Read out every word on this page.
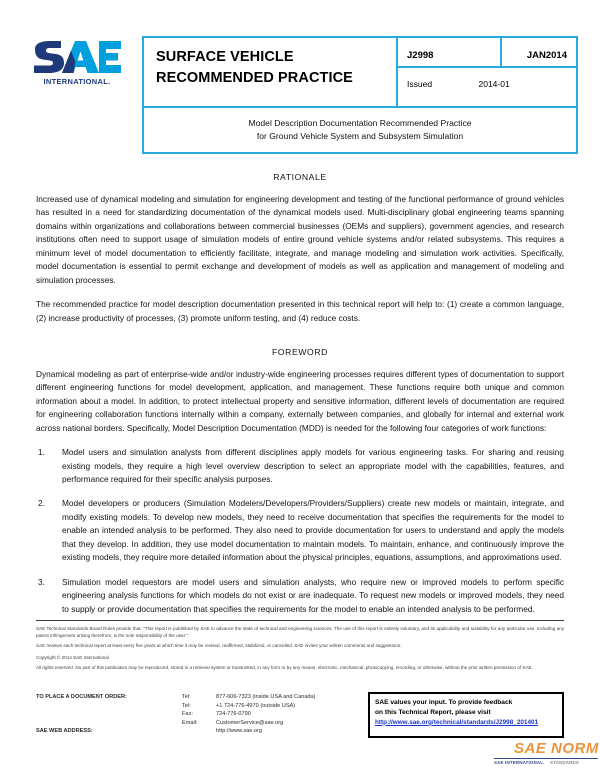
INTERNATIONAL.
SURFACE VEHICLE
RECOMMENDED PRACTICE
J2998	JAN2014
Issued	2014-01
Model Description Documentation Recommended Practice
for Ground Vehicle System and Subsystem Simulation
RATIONALE

Increased use of dynamical modeling and simulation for engineering development and testing of the functional performance of ground vehicles has resulted in a need for standardizing documentation of the dynamical models used. Multi-disciplinary global engineering teams spanning domains within organizations and collaborations between commercial businesses (OEMs and suppliers), government agencies, and research institutions often need to support usage of simulation models of entire ground vehicle systems and/or related subsystems. This requires a minimum level of model documentation to efficiently facilitate, integrate, and manage modeling and simulation work activities. Specifically, model documentation is essential to permit exchange and development of models as well as application and management of modeling and simulation processes.

The recommended practice for model description documentation presented in this technical report will help to: (1) create a common language, (2) increase productivity of processes, (3) promote uniform testing, and (4) reduce costs.

FOREWORD

Dynamical modeling as part of enterprise-wide and/or industry-wide engineering processes requires different types of documentation to support different engineering functions for model development, application, and management. These functions require both unique and common information about a model. In addition, to protect intellectual property and sensitive information, different levels of documentation are required for engineering collaboration functions internally within a company, externally between companies, and globally for internal and external work across national borders. Specifically, Model Description Documentation (MDD) is needed for the following four categories of work functions:

1.	Model users and simulation analysts from different disciplines apply models for various engineering tasks. For sharing and reusing existing models, they require a high level overview description to select an appropriate model with the capabilities, features, and performance required for their specific analysis purposes.
2.	Model developers or producers (Simulation Modelers/Developers/Providers/Suppliers) create new models or maintain, integrate, and modify existing models. To develop new models, they need to receive documentation that specifies the requirements for the model to enable an intended analysis to be performed. They also need to provide documentation for users to understand and apply the models that they develop. In addition, they use model documentation to maintain models. To maintain, enhance, and continuously improve the existing models, they require more detailed information about the physical principles, equations, assumptions, and approximations used.
3.	Simulation model requestors are model users and simulation analysts, who require new or improved models to perform specific engineering analysis functions for which models do not exist or are inadequate. To request new models or improved models, they need to supply or provide documentation that specifies the requirements for the model to enable an intended analysis to be performed.

SAE Technical Standards Board Rules provide that: "This report is published by SAE to advance the state of technical and engineering sciences. The use of this report is entirely voluntary, and its applicability and suitability for any particular use, including any patent infringement arising therefrom, is the sole responsibility of the user."

SAE reviews each technical report at least every five years at which time it may be revised, reaffirmed, stabilized, or cancelled. SAE invites your written comments and suggestions.

Copyright © 2014 SAE International

All rights reserved. No part of this publication may be reproduced, stored in a retrieval system or transmitted, in any form or by any means, electronic, mechanical, photocopying, recording, or otherwise, without the prior written permission of SAE.

TO PLACE A DOCUMENT ORDER:	Tel:	877-606-7323 (inside USA and Canada)
Tel:	+1 724-776-4970 (outside USA)
Fax:	724-776-0790
Email:	CustomerService@sae.org
SAE WEB ADDRESS:	http://www.sae.org
SAE values your input. To provide feedback
on this Technical Report, please visit
http://www.sae.org/technical/standards/J2998_201401
SAE NORM
SAE INTERNATIONAL. STANDARDS
